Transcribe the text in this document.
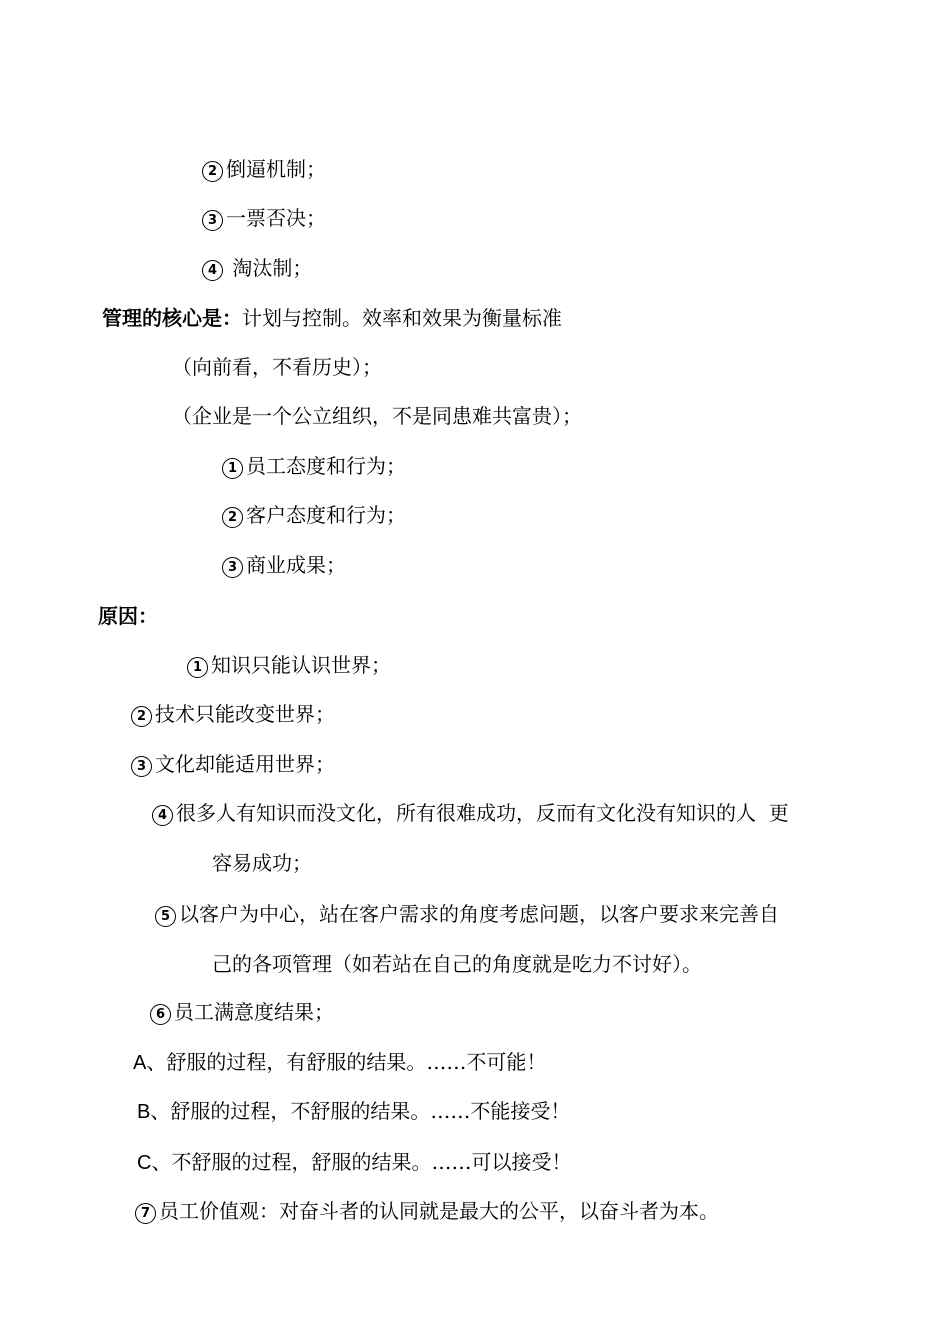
2 倒逼机制；
3 一票否决；
4 淘汰制；
管理的核心是：计划与控制。效率和效果为衡量标准
（向前看，不看历史）；
（企业是一个公立组织，不是同患难共富贵）；
1 员工态度和行为；
2 客户态度和行为；
3 商业成果；
原因：
1 知识只能认识世界；
2 技术只能改变世界；
3 文化却能适用世界；
4 很多人有知识而没文化，所有很难成功，反而有文化没有知识的人  更
容易成功；
5 以客户为中心，站在客户需求的角度考虑问题，以客户要求来完善自
己的各项管理（如若站在自己的角度就是吃力不讨好）。
6 员工满意度结果；
A、舒服的过程，有舒服的结果。……不可能！
B、舒服的过程，不舒服的结果。……不能接受！
C、不舒服的过程，舒服的结果。……可以接受！
7 员工价值观：对奋斗者的认同就是最大的公平，以奋斗者为本。
